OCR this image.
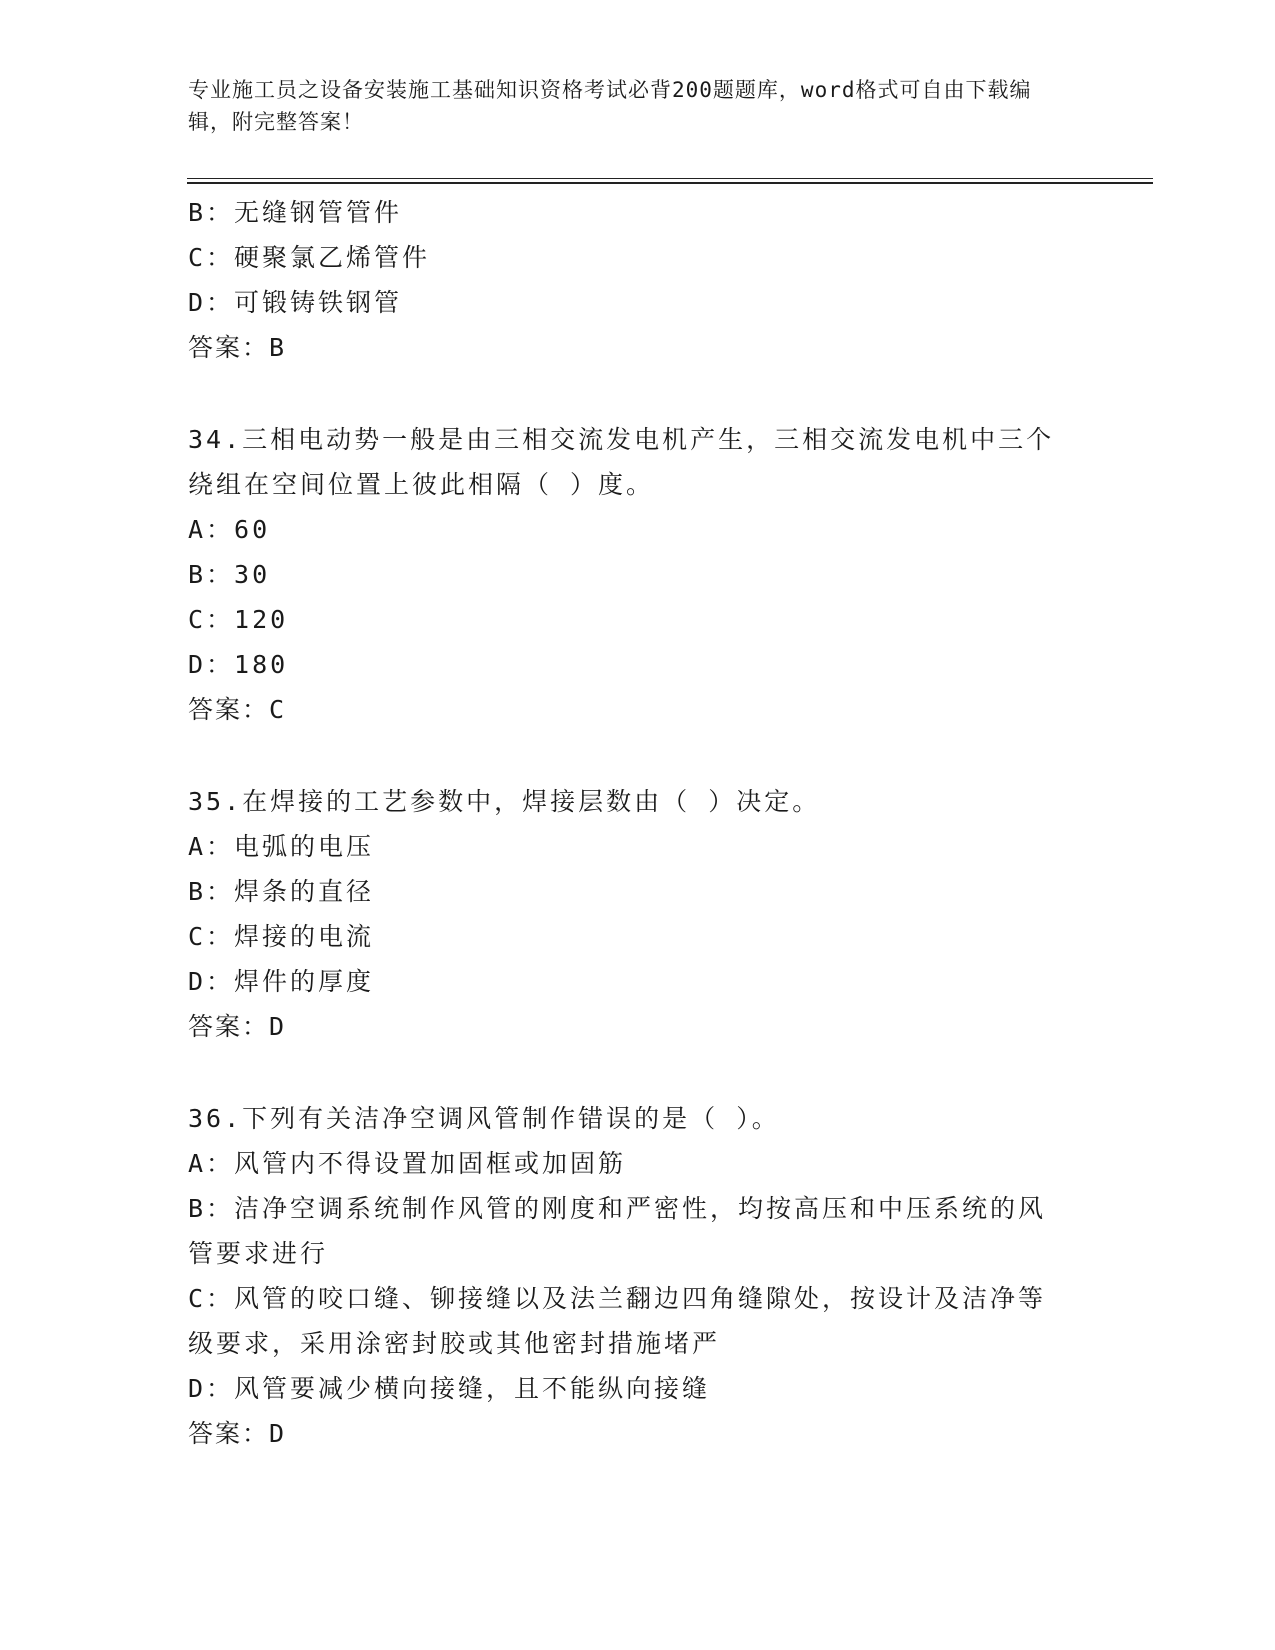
专业施工员之设备安装施工基础知识资格考试必背200题题库，word格式可自由下载编辑，附完整答案！
B：无缝钢管管件
C：硬聚氯乙烯管件
D：可锻铸铁钢管
答案：B
34.三相电动势一般是由三相交流发电机产生，三相交流发电机中三个
绕组在空间位置上彼此相隔（ ）度。
A：60
B：30
C：120
D：180
答案：C
35.在焊接的工艺参数中，焊接层数由（ ）决定。
A：电弧的电压
B：焊条的直径
C：焊接的电流
D：焊件的厚度
答案：D
36.下列有关洁净空调风管制作错误的是（ ）。
A：风管内不得设置加固框或加固筋
B：洁净空调系统制作风管的刚度和严密性，均按高压和中压系统的风
管要求进行
C：风管的咬口缝、铆接缝以及法兰翻边四角缝隙处，按设计及洁净等
级要求，采用涂密封胶或其他密封措施堵严
D：风管要减少横向接缝，且不能纵向接缝
答案：D
